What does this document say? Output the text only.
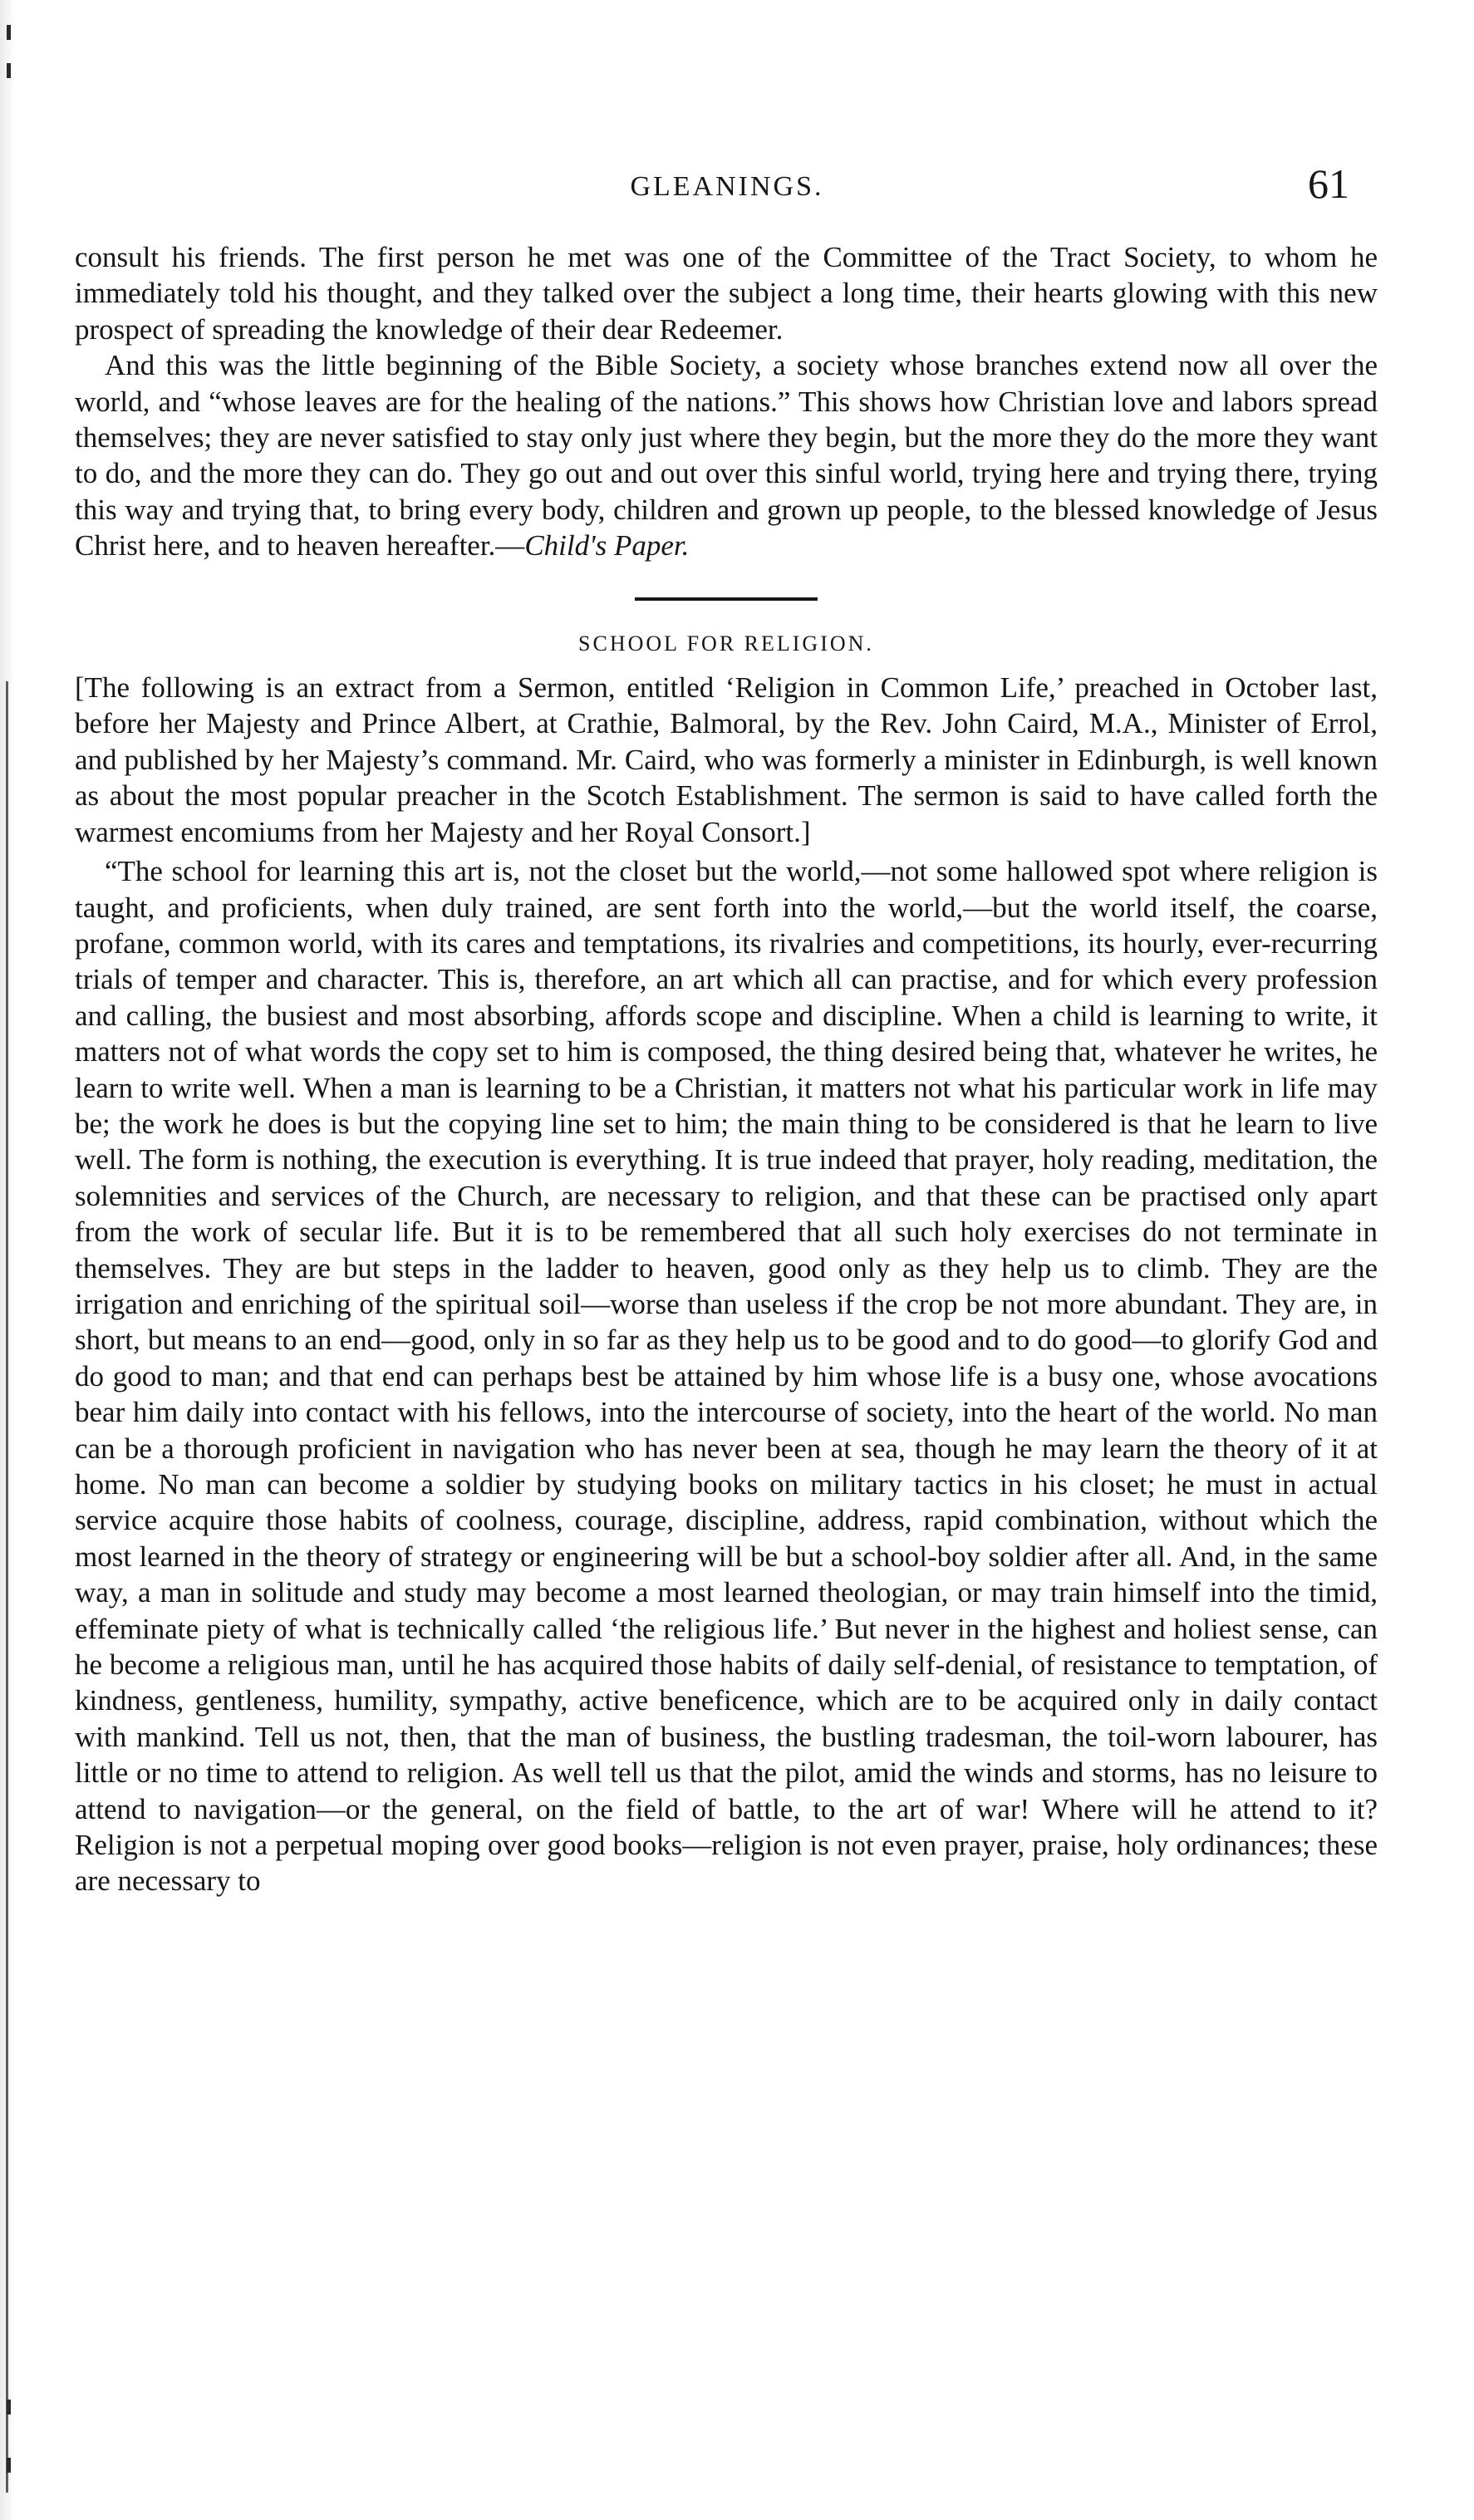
GLEANINGS.	61

consult his friends. The first person he met was one of the Committee of the Tract Society, to whom he immediately told his thought, and they talked over the subject a long time, their hearts glowing with this new prospect of spreading the knowledge of their dear Redeemer.

And this was the little beginning of the Bible Society, a society whose branches extend now all over the world, and “whose leaves are for the healing of the nations.” This shows how Christian love and labors spread themselves; they are never satisfied to stay only just where they begin, but the more they do the more they want to do, and the more they can do. They go out and out over this sinful world, trying here and trying there, trying this way and trying that, to bring every body, children and grown up people, to the blessed knowledge of Jesus Christ here, and to heaven hereafter.—Child's Paper.

SCHOOL FOR RELIGION.

[The following is an extract from a Sermon, entitled ‘Religion in Common Life,’ preached in October last, before her Majesty and Prince Albert, at Crathie, Balmoral, by the Rev. John Caird, M.A., Minister of Errol, and published by her Majesty’s command. Mr. Caird, who was formerly a minister in Edinburgh, is well known as about the most popular preacher in the Scotch Establishment. The sermon is said to have called forth the warmest encomiums from her Majesty and her Royal Consort.]

“The school for learning this art is, not the closet but the world,—not some hallowed spot where religion is taught, and proficients, when duly trained, are sent forth into the world,—but the world itself, the coarse, profane, common world, with its cares and temptations, its rivalries and competitions, its hourly, ever-recurring trials of temper and character. This is, therefore, an art which all can practise, and for which every profession and calling, the busiest and most absorbing, affords scope and discipline. When a child is learning to write, it matters not of what words the copy set to him is composed, the thing desired being that, whatever he writes, he learn to write well. When a man is learning to be a Christian, it matters not what his particular work in life may be; the work he does is but the copying line set to him; the main thing to be considered is that he learn to live well. The form is nothing, the execution is everything. It is true indeed that prayer, holy reading, meditation, the solemnities and services of the Church, are necessary to religion, and that these can be practised only apart from the work of secular life. But it is to be remembered that all such holy exercises do not terminate in themselves. They are but steps in the ladder to heaven, good only as they help us to climb. They are the irrigation and enriching of the spiritual soil—worse than useless if the crop be not more abundant. They are, in short, but means to an end—good, only in so far as they help us to be good and to do good—to glorify God and do good to man; and that end can perhaps best be attained by him whose life is a busy one, whose avocations bear him daily into contact with his fellows, into the intercourse of society, into the heart of the world. No man can be a thorough proficient in navigation who has never been at sea, though he may learn the theory of it at home. No man can become a soldier by studying books on military tactics in his closet; he must in actual service acquire those habits of coolness, courage, discipline, address, rapid combination, without which the most learned in the theory of strategy or engineering will be but a school-boy soldier after all. And, in the same way, a man in solitude and study may become a most learned theologian, or may train himself into the timid, effeminate piety of what is technically called ‘the religious life.’ But never in the highest and holiest sense, can he become a religious man, until he has acquired those habits of daily self-denial, of resistance to temptation, of kindness, gentleness, humility, sympathy, active beneficence, which are to be acquired only in daily contact with mankind. Tell us not, then, that the man of business, the bustling tradesman, the toil-worn labourer, has little or no time to attend to religion. As well tell us that the pilot, amid the winds and storms, has no leisure to attend to navigation—or the general, on the field of battle, to the art of war! Where will he attend to it? Religion is not a perpetual moping over good books—religion is not even prayer, praise, holy ordinances; these are necessary to
